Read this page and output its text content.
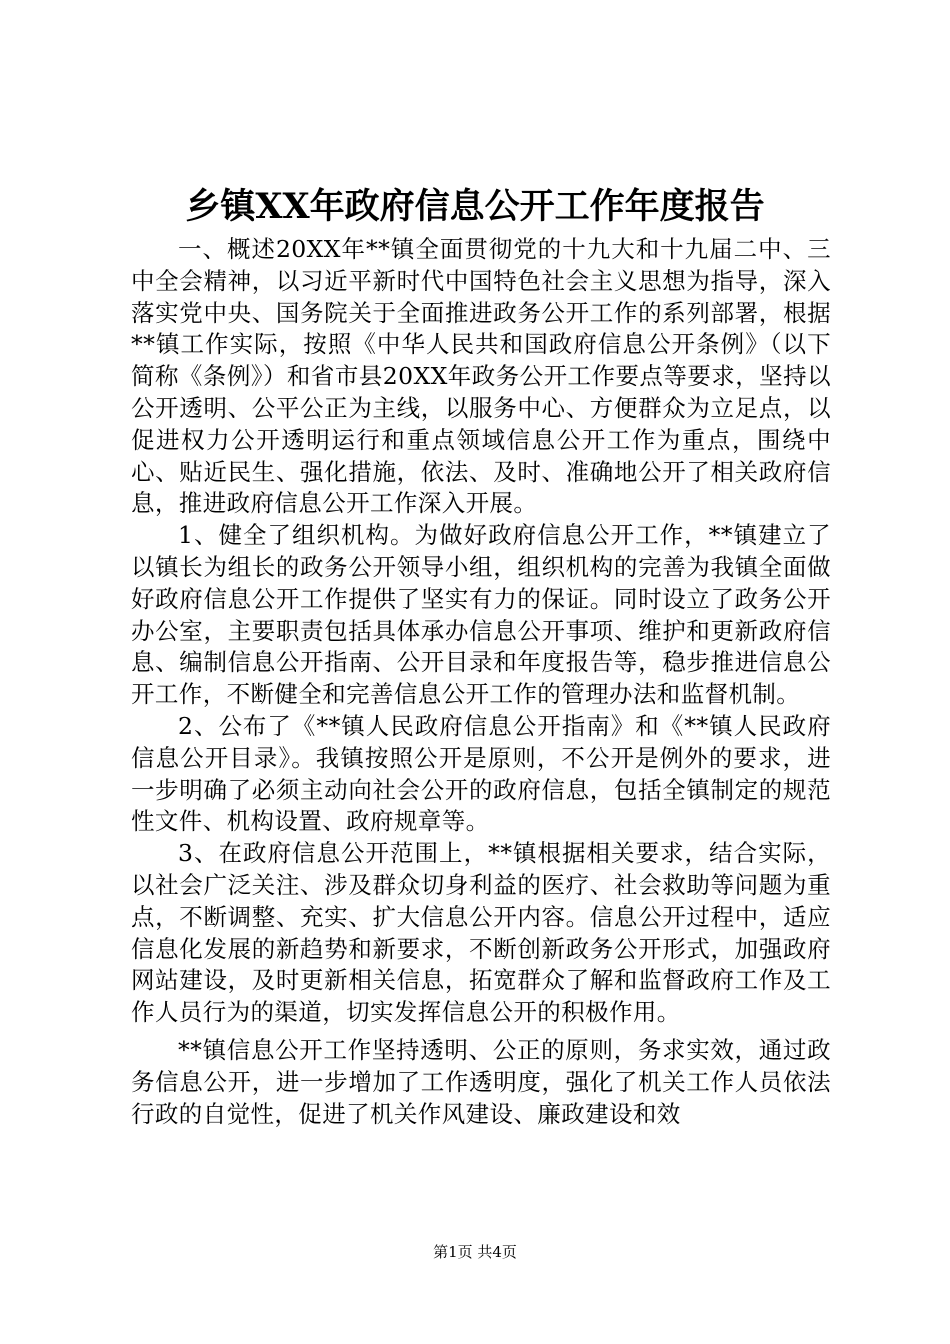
乡镇XX年政府信息公开工作年度报告

一、概述20XX年**镇全面贯彻党的十九大和十九届二中、三中全会精神，以习近平新时代中国特色社会主义思想为指导，深入落实党中央、国务院关于全面推进政务公开工作的系列部署，根据**镇工作实际，按照《中华人民共和国政府信息公开条例》（以下简称《条例》）和省市县20XX年政务公开工作要点等要求，坚持以公开透明、公平公正为主线，以服务中心、方便群众为立足点，以促进权力公开透明运行和重点领域信息公开工作为重点，围绕中心、贴近民生、强化措施，依法、及时、准确地公开了相关政府信息，推进政府信息公开工作深入开展。

1、健全了组织机构。为做好政府信息公开工作，**镇建立了以镇长为组长的政务公开领导小组，组织机构的完善为我镇全面做好政府信息公开工作提供了坚实有力的保证。同时设立了政务公开办公室，主要职责包括具体承办信息公开事项、维护和更新政府信息、编制信息公开指南、公开目录和年度报告等，稳步推进信息公开工作，不断健全和完善信息公开工作的管理办法和监督机制。

2、公布了《**镇人民政府信息公开指南》和《**镇人民政府信息公开目录》。我镇按照公开是原则，不公开是例外的要求，进一步明确了必须主动向社会公开的政府信息，包括全镇制定的规范性文件、机构设置、政府规章等。

3、在政府信息公开范围上，**镇根据相关要求，结合实际，以社会广泛关注、涉及群众切身利益的医疗、社会救助等问题为重点，不断调整、充实、扩大信息公开内容。信息公开过程中，适应信息化发展的新趋势和新要求，不断创新政务公开形式，加强政府网站建设，及时更新相关信息，拓宽群众了解和监督政府工作及工作人员行为的渠道，切实发挥信息公开的积极作用。

**镇信息公开工作坚持透明、公正的原则，务求实效，通过政务信息公开，进一步增加了工作透明度，强化了机关工作人员依法行政的自觉性，促进了机关作风建设、廉政建设和效

第1页 共4页
